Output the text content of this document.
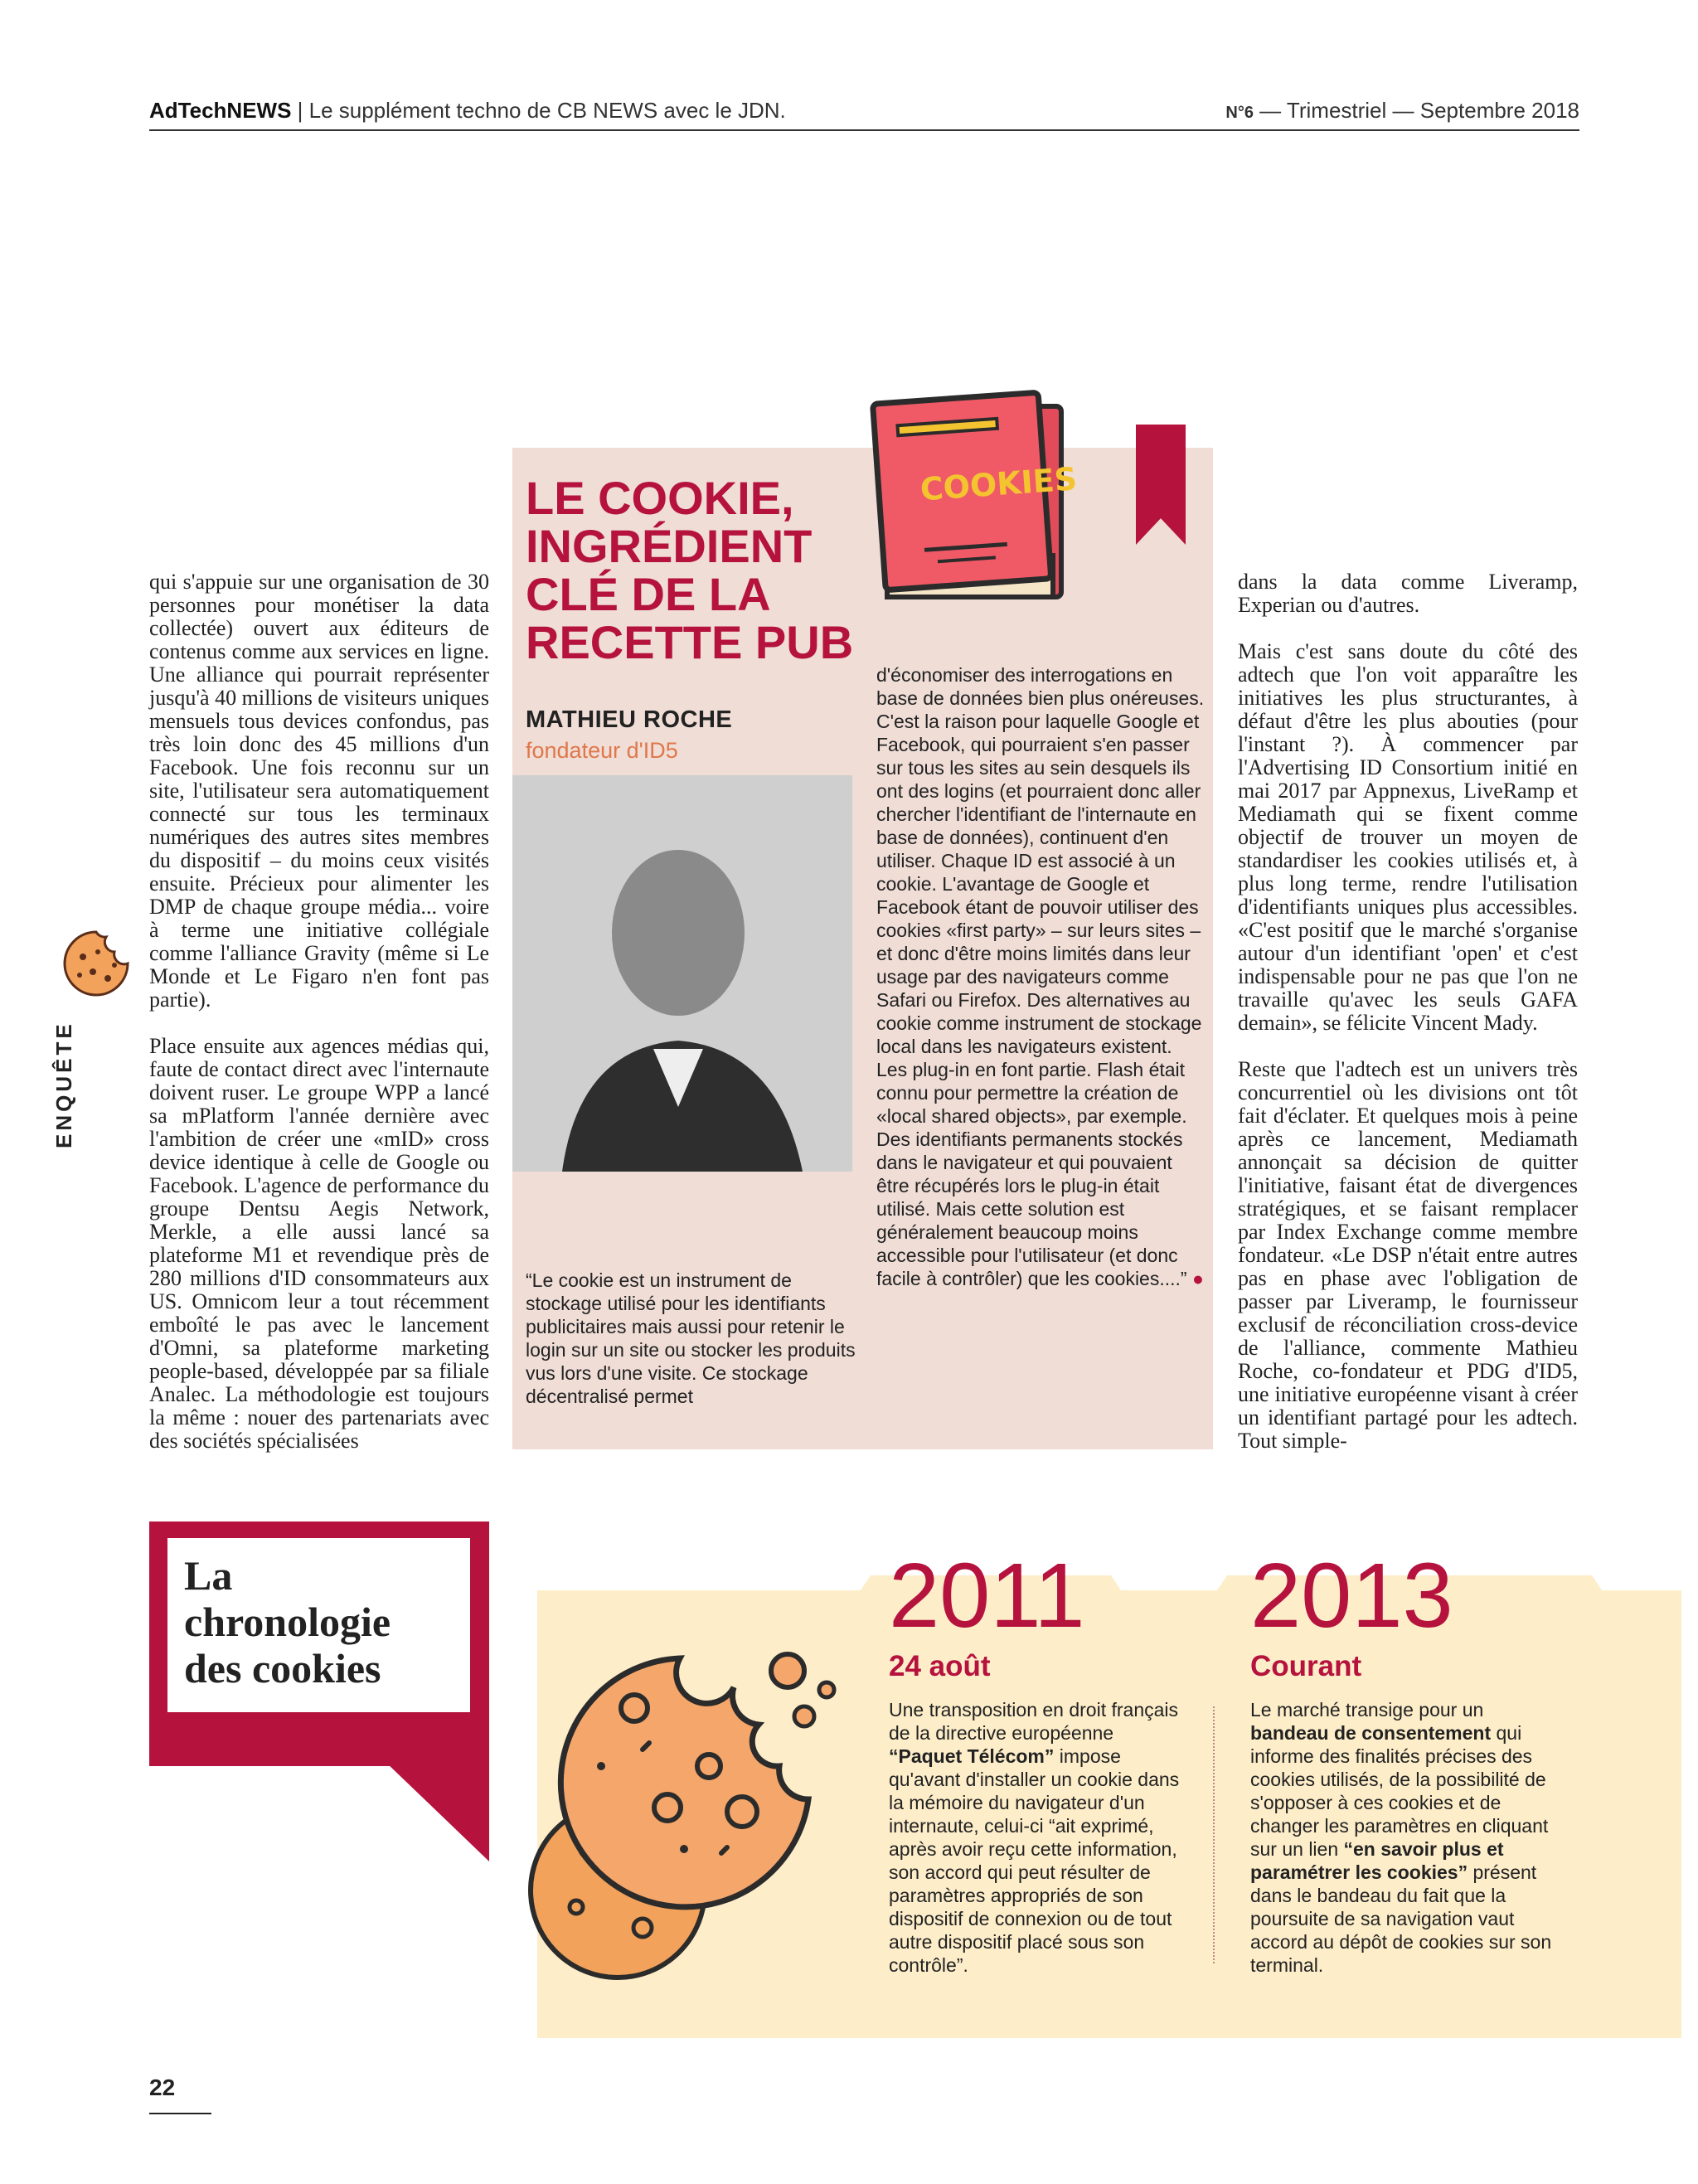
AdTechNEWS | Le supplément techno de CB NEWS avec le JDN.	N°6 — Trimestriel — Septembre 2018
ENQUÊTE

qui s'appuie sur une organisation de 30 personnes pour monétiser la data collectée) ouvert aux éditeurs de contenus comme aux services en ligne. Une alliance qui pourrait représenter jusqu'à 40 millions de visiteurs uniques mensuels tous devices confondus, pas très loin donc des 45 millions d'un Facebook. Une fois reconnu sur un site, l'utilisateur sera automatiquement connecté sur tous les terminaux numériques des autres sites membres du dispositif – du moins ceux visités ensuite. Précieux pour alimenter les DMP de chaque groupe média... voire à terme une initiative collégiale comme l'alliance Gravity (même si Le Monde et Le Figaro n'en font pas partie).

Place ensuite aux agences médias qui, faute de contact direct avec l'internaute doivent ruser. Le groupe WPP a lancé sa mPlatform l'année dernière avec l'ambition de créer une «mID» cross device identique à celle de Google ou Facebook. L'agence de performance du groupe Dentsu Aegis Network, Merkle, a elle aussi lancé sa plateforme M1 et revendique près de 280 millions d'ID consommateurs aux US. Omnicom leur a tout récemment emboîté le pas avec le lancement d'Omni, sa plateforme marketing people-based, développée par sa filiale Analec. La méthodologie est toujours la même : nouer des partenariats avec des sociétés spécialisées

LE COOKIE, INGRÉDIENT CLÉ DE LA RECETTE PUB
COOKIES
MATHIEU ROCHE
fondateur d'ID5
“Le cookie est un instrument de stockage utilisé pour les identifiants publicitaires mais aussi pour retenir le login sur un site ou stocker les produits vus lors d'une visite. Ce stockage décentralisé permet
d'économiser des interrogations en base de données bien plus onéreuses. C'est la raison pour laquelle Google et Facebook, qui pourraient s'en passer sur tous les sites au sein desquels ils ont des logins (et pourraient donc aller chercher l'identifiant de l'internaute en base de données), continuent d'en utiliser. Chaque ID est associé à un cookie. L'avantage de Google et Facebook étant de pouvoir utiliser des cookies «first party» – sur leurs sites – et donc d'être moins limités dans leur usage par des navigateurs comme Safari ou Firefox. Des alternatives au cookie comme instrument de stockage local dans les navigateurs existent. Les plug-in en font partie. Flash était connu pour permettre la création de «local shared objects», par exemple. Des identifiants permanents stockés dans le navigateur et qui pouvaient être récupérés lors le plug-in était utilisé. Mais cette solution est généralement beaucoup moins accessible pour l'utilisateur (et donc facile à contrôler) que les cookies....” ●

dans la data comme Liveramp, Experian ou d'autres.

Mais c'est sans doute du côté des adtech que l'on voit apparaître les initiatives les plus structurantes, à défaut d'être les plus abouties (pour l'instant ?). À commencer par l'Advertising ID Consortium initié en mai 2017 par Appnexus, LiveRamp et Mediamath qui se fixent comme objectif de trouver un moyen de standardiser les cookies utilisés et, à plus long terme, rendre l'utilisation d'identifiants uniques plus accessibles. «C'est positif que le marché s'organise autour d'un identifiant 'open' et c'est indispensable pour ne pas que l'on ne travaille qu'avec les seuls GAFA demain», se félicite Vincent Mady.

Reste que l'adtech est un univers très concurrentiel où les divisions ont tôt fait d'éclater. Et quelques mois à peine après ce lancement, Mediamath annonçait sa décision de quitter l'initiative, faisant état de divergences stratégiques, et se faisant remplacer par Index Exchange comme membre fondateur. «Le DSP n'était entre autres pas en phase avec l'obligation de passer par Liveramp, le fournisseur exclusif de réconciliation cross-device de l'alliance, commente Mathieu Roche, co-fondateur et PDG d'ID5, une initiative européenne visant à créer un identifiant partagé pour les adtech. Tout simple-

La
chronologie
des cookies
2011
24 août
Une transposition en droit français de la directive européenne “Paquet Télécom” impose qu'avant d'installer un cookie dans la mémoire du navigateur d'un internaute, celui-ci “ait exprimé, après avoir reçu cette information, son accord qui peut résulter de paramètres appropriés de son dispositif de connexion ou de tout autre dispositif placé sous son contrôle”.
2013
Courant
Le marché transige pour un bandeau de consentement qui informe des finalités précises des cookies utilisés, de la possibilité de s'opposer à ces cookies et de changer les paramètres en cliquant sur un lien “en savoir plus et paramétrer les cookies” présent dans le bandeau du fait que la poursuite de sa navigation vaut accord au dépôt de cookies sur son terminal.
22
